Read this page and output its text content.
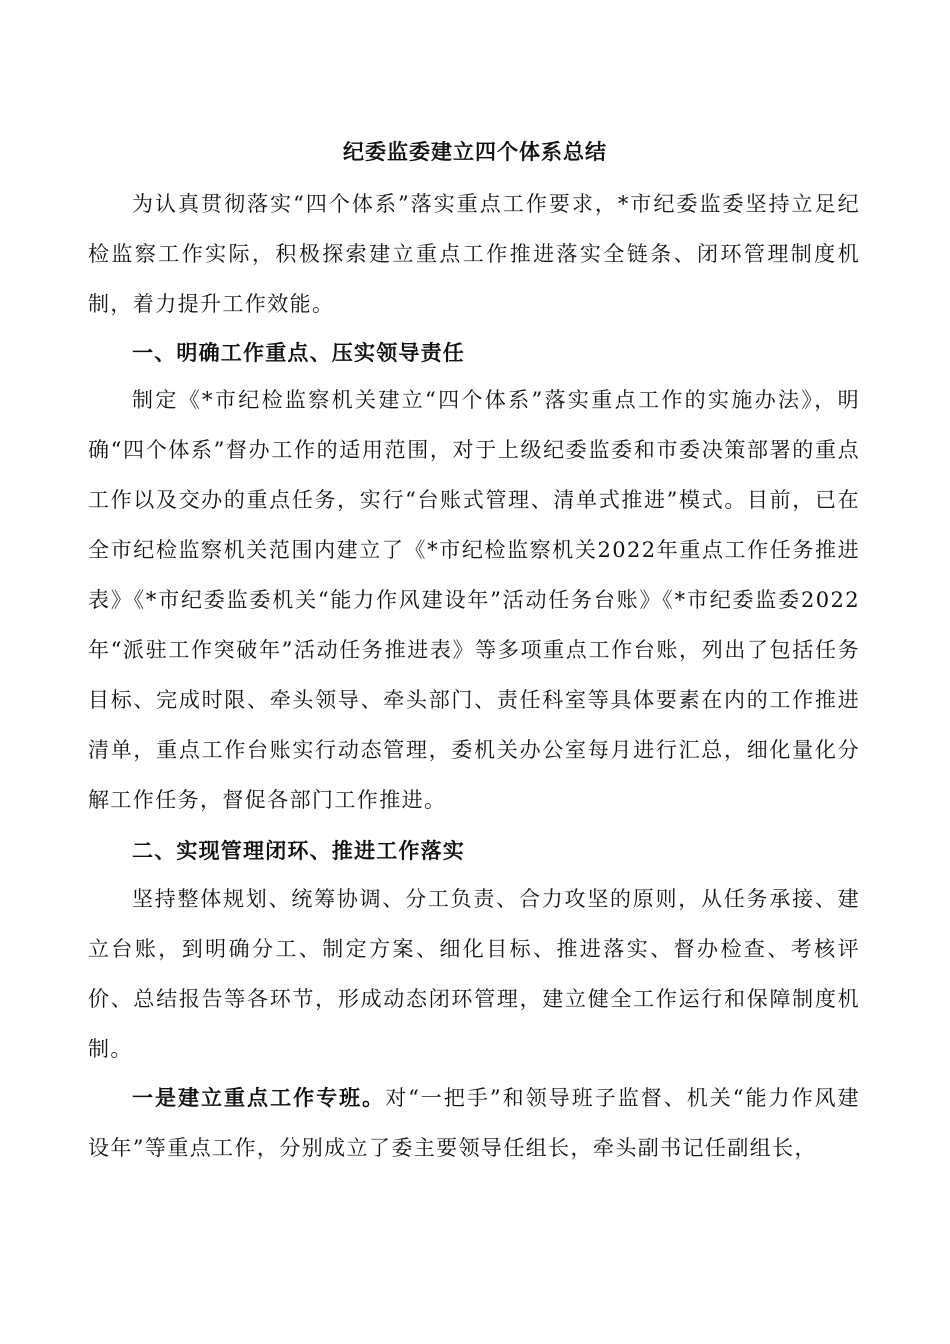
纪委监委建立四个体系总结

为认真贯彻落实“四个体系”落实重点工作要求，*市纪委监委坚持立足纪检监察工作实际，积极探索建立重点工作推进落实全链条、闭环管理制度机制，着力提升工作效能。

一、明确工作重点、压实领导责任

制定《*市纪检监察机关建立“四个体系”落实重点工作的实施办法》，明确“四个体系”督办工作的适用范围，对于上级纪委监委和市委决策部署的重点工作以及交办的重点任务，实行“台账式管理、清单式推进”模式。目前，已在全市纪检监察机关范围内建立了《*市纪检监察机关2022年重点工作任务推进表》《*市纪委监委机关“能力作风建设年”活动任务台账》《*市纪委监委2022年“派驻工作突破年”活动任务推进表》等多项重点工作台账，列出了包括任务目标、完成时限、牵头领导、牵头部门、责任科室等具体要素在内的工作推进清单，重点工作台账实行动态管理，委机关办公室每月进行汇总，细化量化分解工作任务，督促各部门工作推进。

二、实现管理闭环、推进工作落实

坚持整体规划、统筹协调、分工负责、合力攻坚的原则，从任务承接、建立台账，到明确分工、制定方案、细化目标、推进落实、督办检查、考核评价、总结报告等各环节，形成动态闭环管理，建立健全工作运行和保障制度机制。

一是建立重点工作专班。对“一把手”和领导班子监督、机关“能力作风建设年”等重点工作，分别成立了委主要领导任组长，牵头副书记任副组长，
